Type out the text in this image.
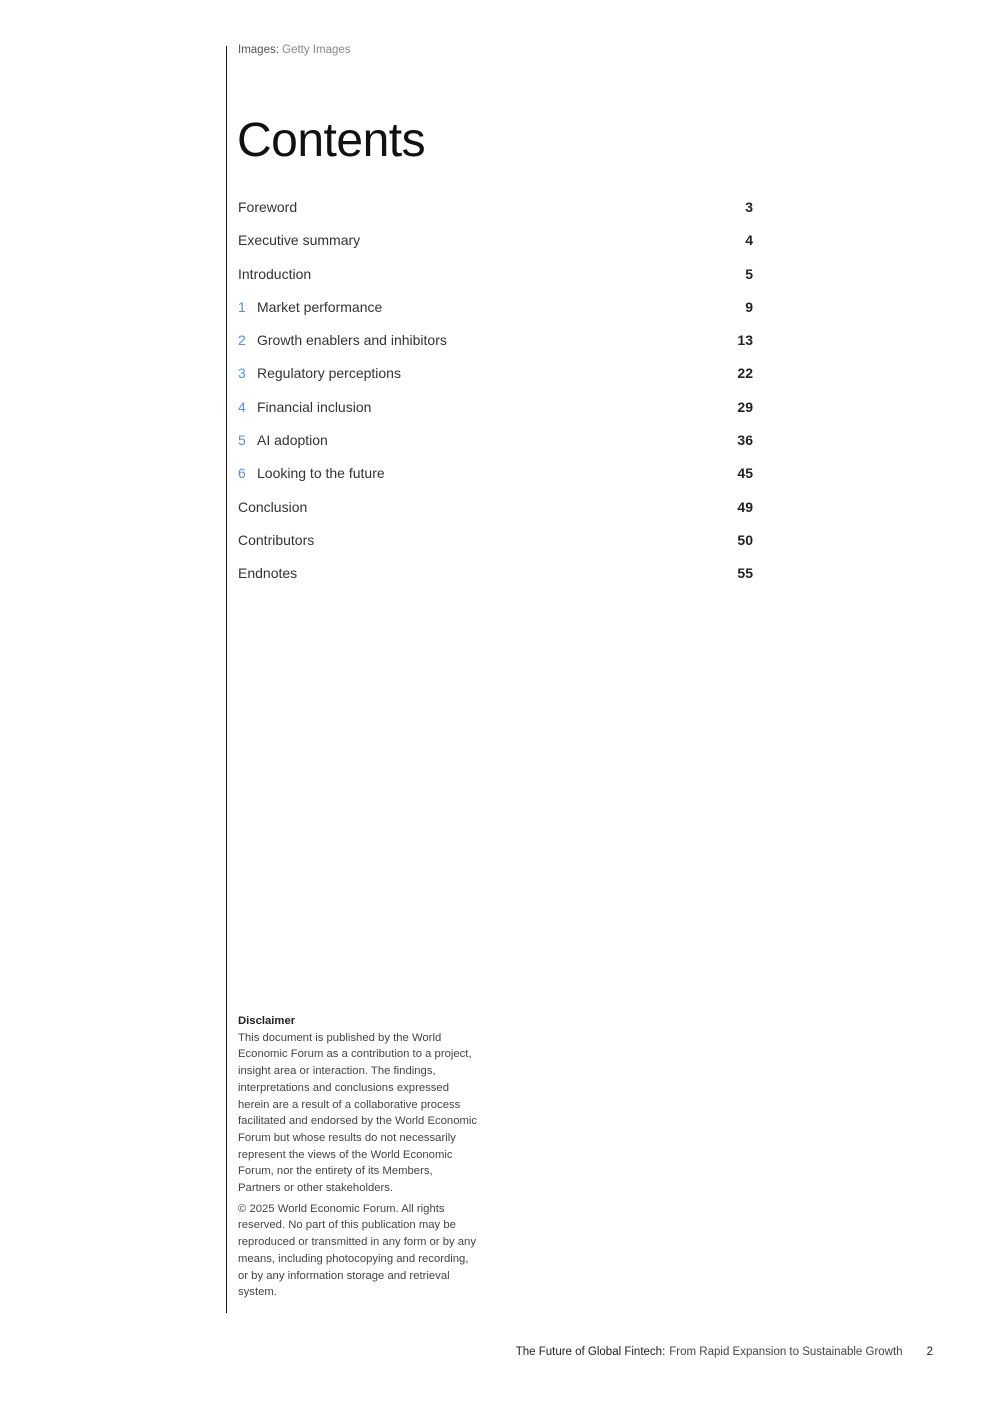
Images: Getty Images
Contents
Foreword	3
Executive summary	4
Introduction	5
1 Market performance	9
2 Growth enablers and inhibitors	13
3 Regulatory perceptions	22
4 Financial inclusion	29
5 AI adoption	36
6 Looking to the future	45
Conclusion	49
Contributors	50
Endnotes	55

Disclaimer

This document is published by the World Economic Forum as a contribution to a project, insight area or interaction. The findings, interpretations and conclusions expressed herein are a result of a collaborative process facilitated and endorsed by the World Economic Forum but whose results do not necessarily represent the views of the World Economic Forum, nor the entirety of its Members, Partners or other stakeholders.

© 2025 World Economic Forum. All rights reserved. No part of this publication may be reproduced or transmitted in any form or by any means, including photocopying and recording, or by any information storage and retrieval system.

The Future of Global Fintech: From Rapid Expansion to Sustainable Growth 2
